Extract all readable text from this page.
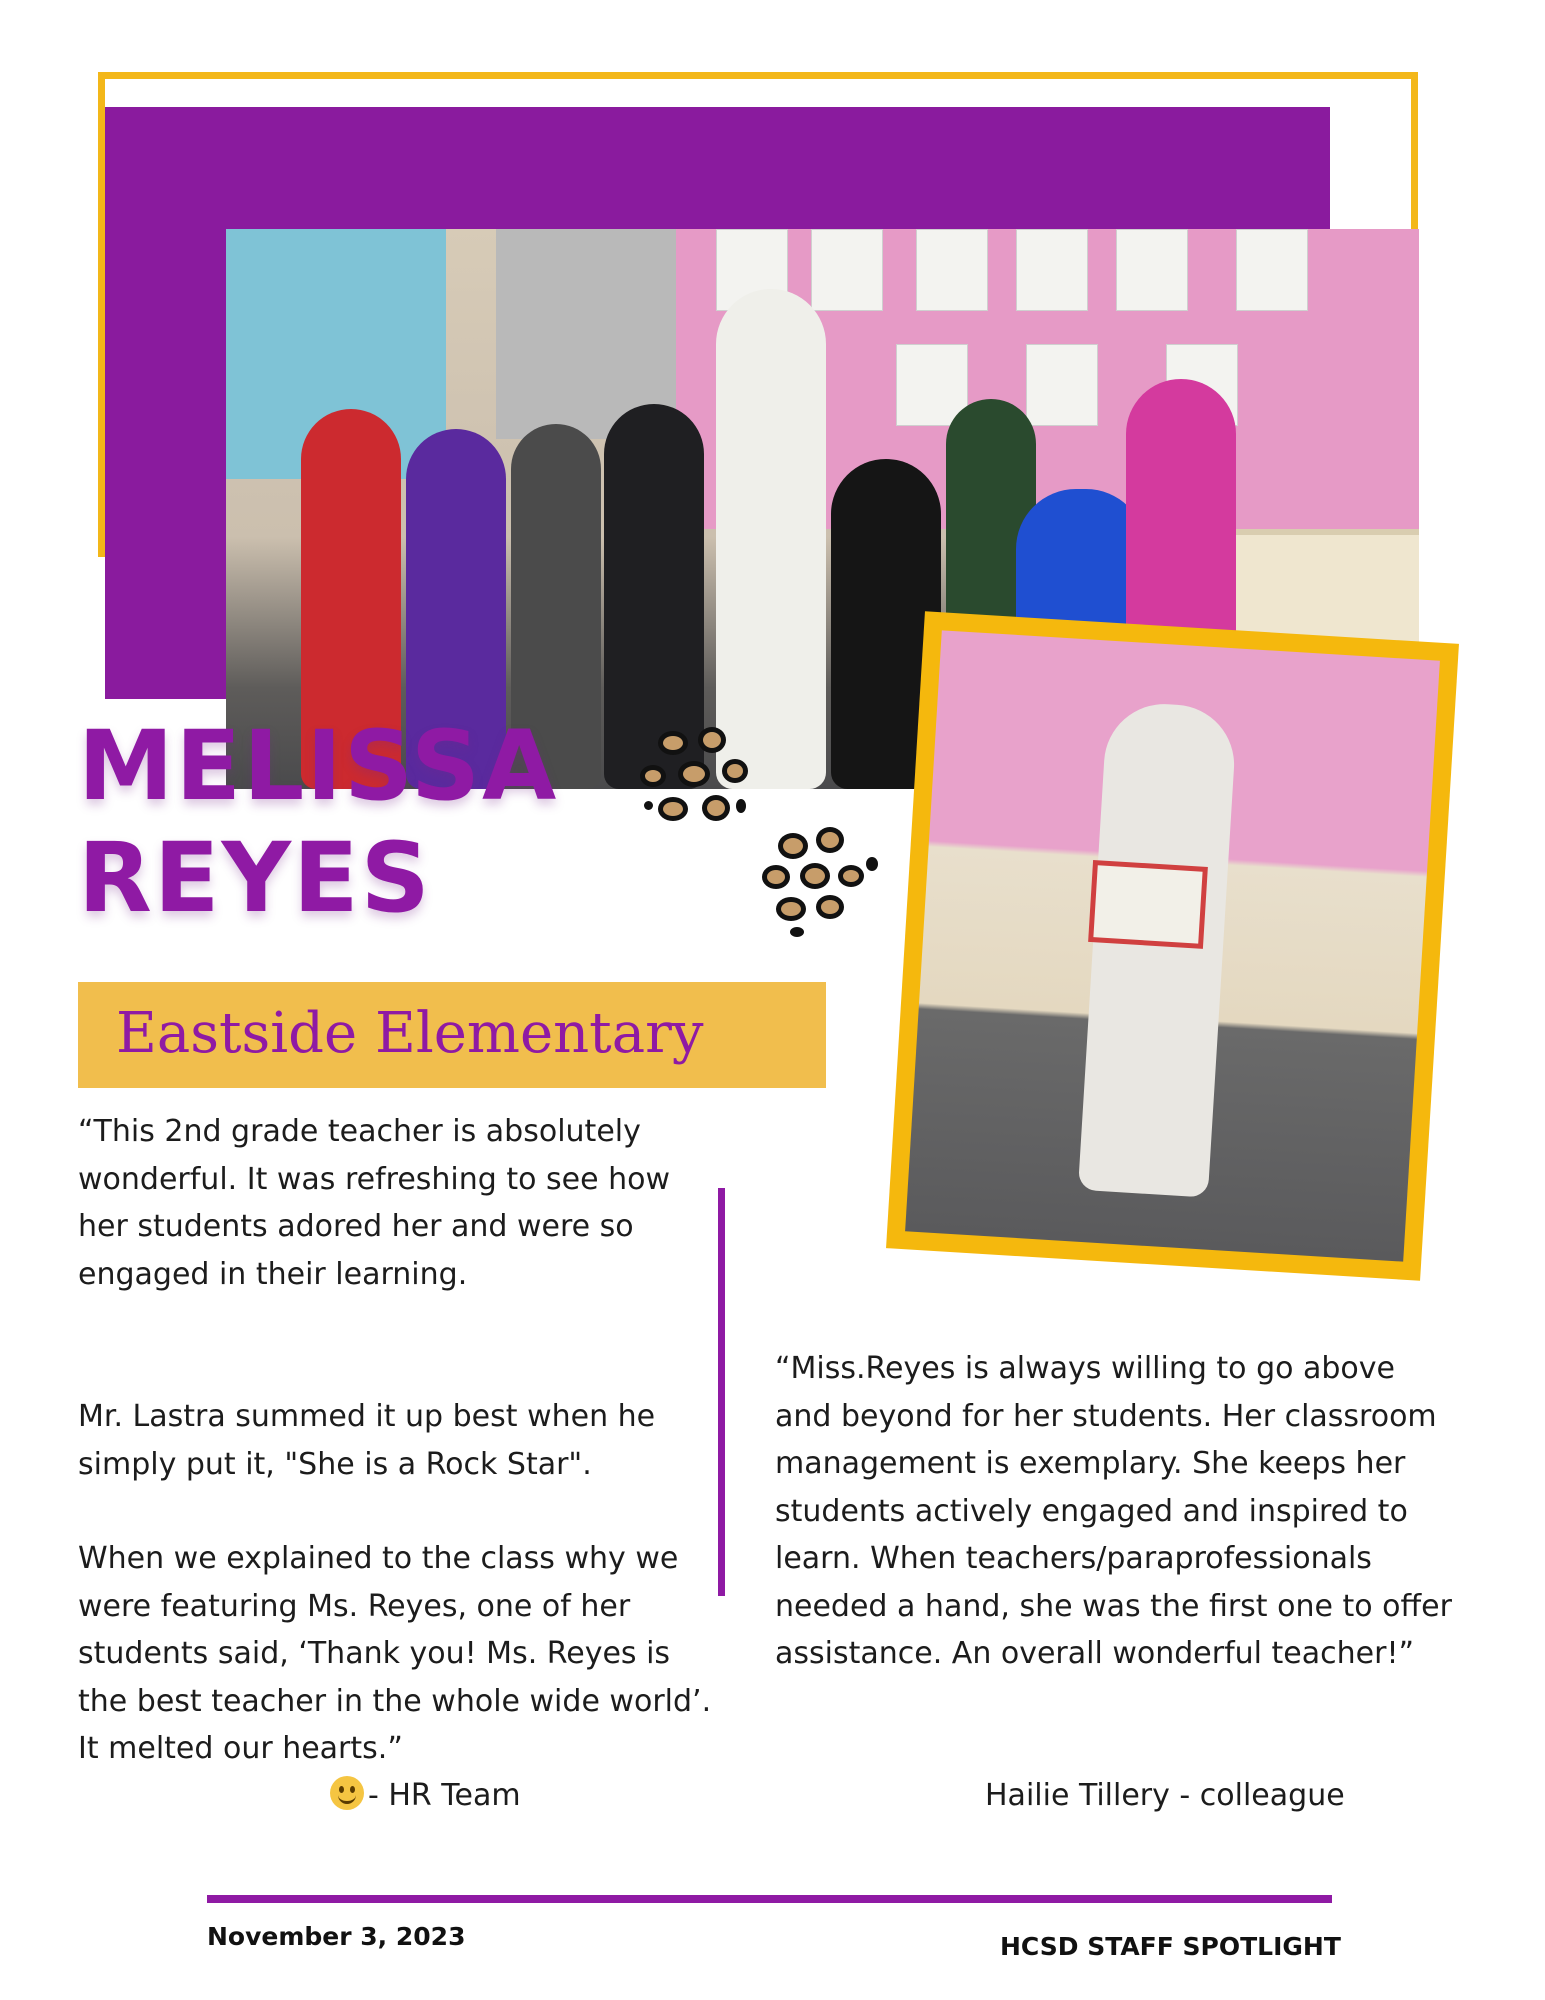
MELISSA
REYES

Eastside Elementary

“This 2nd grade teacher is absolutely wonderful. It was refreshing to see how her students adored her and were so engaged in their learning.

Mr. Lastra summed it up best when he simply put it, "She is a Rock Star".

When we explained to the class why we were featuring Ms. Reyes, one of her students said, ‘Thank you! Ms. Reyes is the best teacher in the whole wide world’. It melted our hearts.”

- HR Team

“Miss.Reyes is always willing to go above and beyond for her students. Her classroom management is exemplary. She keeps her students actively engaged and inspired to learn. When teachers/paraprofessionals needed a hand, she was the first one to offer assistance. An overall wonderful teacher!”

Hailie Tillery - colleague

November 3, 2023	HCSD STAFF SPOTLIGHT
